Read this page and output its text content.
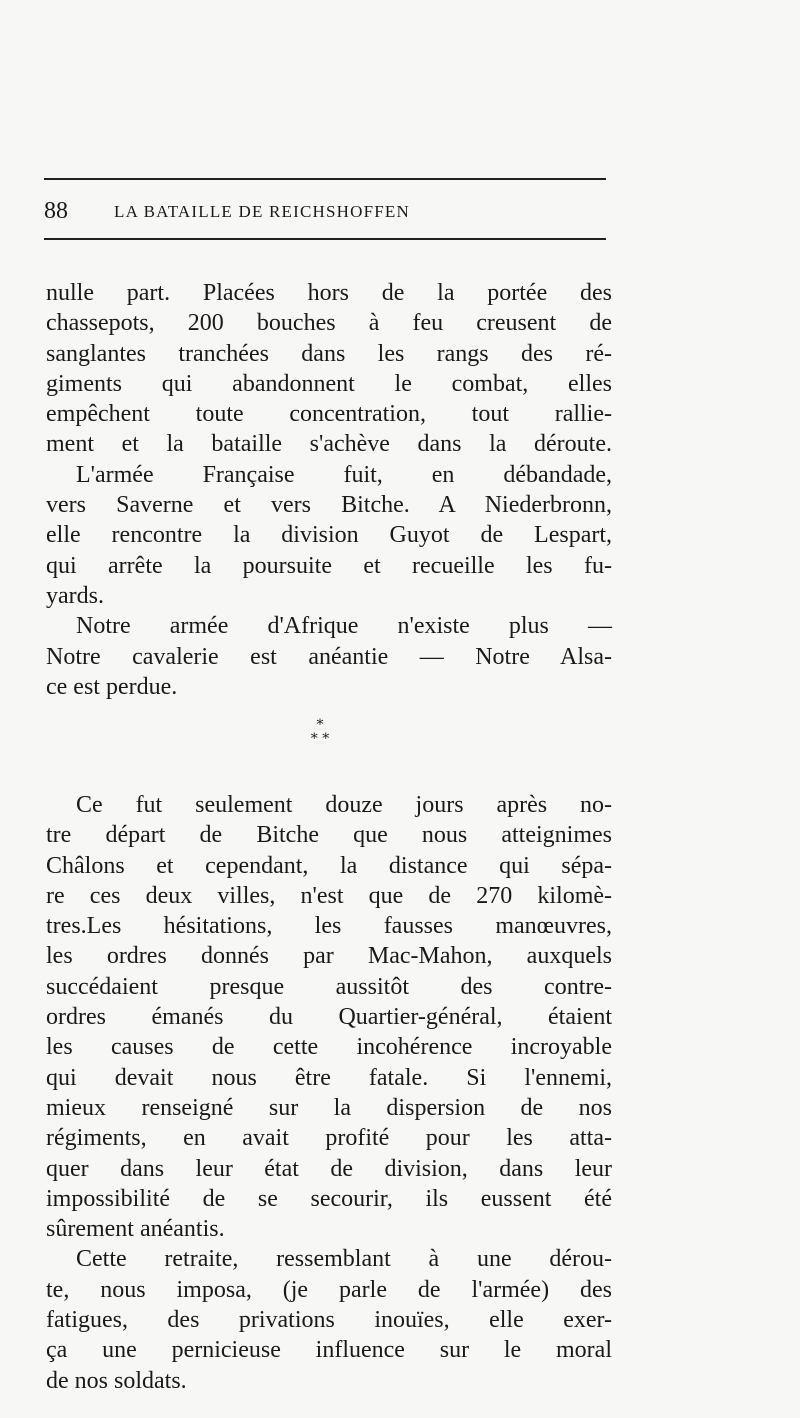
88	LA BATAILLE DE REICHSHOFFEN
nulle part. Placées hors de la portée des
chassepots, 200 bouches à feu creusent de
sanglantes tranchées dans les rangs des ré-
giments qui abandonnent le combat, elles
empêchent toute concentration, tout rallie-
ment et la bataille s'achève dans la déroute.
L'armée Française fuit, en débandade,
vers Saverne et vers Bitche. A Niederbronn,
elle rencontre la division Guyot de Lespart,
qui arrête la poursuite et recueille les fu-
yards.
Notre armée d'Afrique n'existe plus —
Notre cavalerie est anéantie — Notre Alsa-
ce est perdue.
*
* *
Ce fut seulement douze jours après no-
tre départ de Bitche que nous atteignimes
Châlons et cependant, la distance qui sépa-
re ces deux villes, n'est que de 270 kilomè-
tres.Les hésitations, les fausses manœuvres,
les ordres donnés par Mac-Mahon, auxquels
succédaient presque aussitôt des contre-
ordres émanés du Quartier-général, étaient
les causes de cette incohérence incroyable
qui devait nous être fatale. Si l'ennemi,
mieux renseigné sur la dispersion de nos
régiments, en avait profité pour les atta-
quer dans leur état de division, dans leur
impossibilité de se secourir, ils eussent été
sûrement anéantis.
Cette retraite, ressemblant à une dérou-
te, nous imposa, (je parle de l'armée) des
fatigues, des privations inouïes, elle exer-
ça une pernicieuse influence sur le moral
de nos soldats.
